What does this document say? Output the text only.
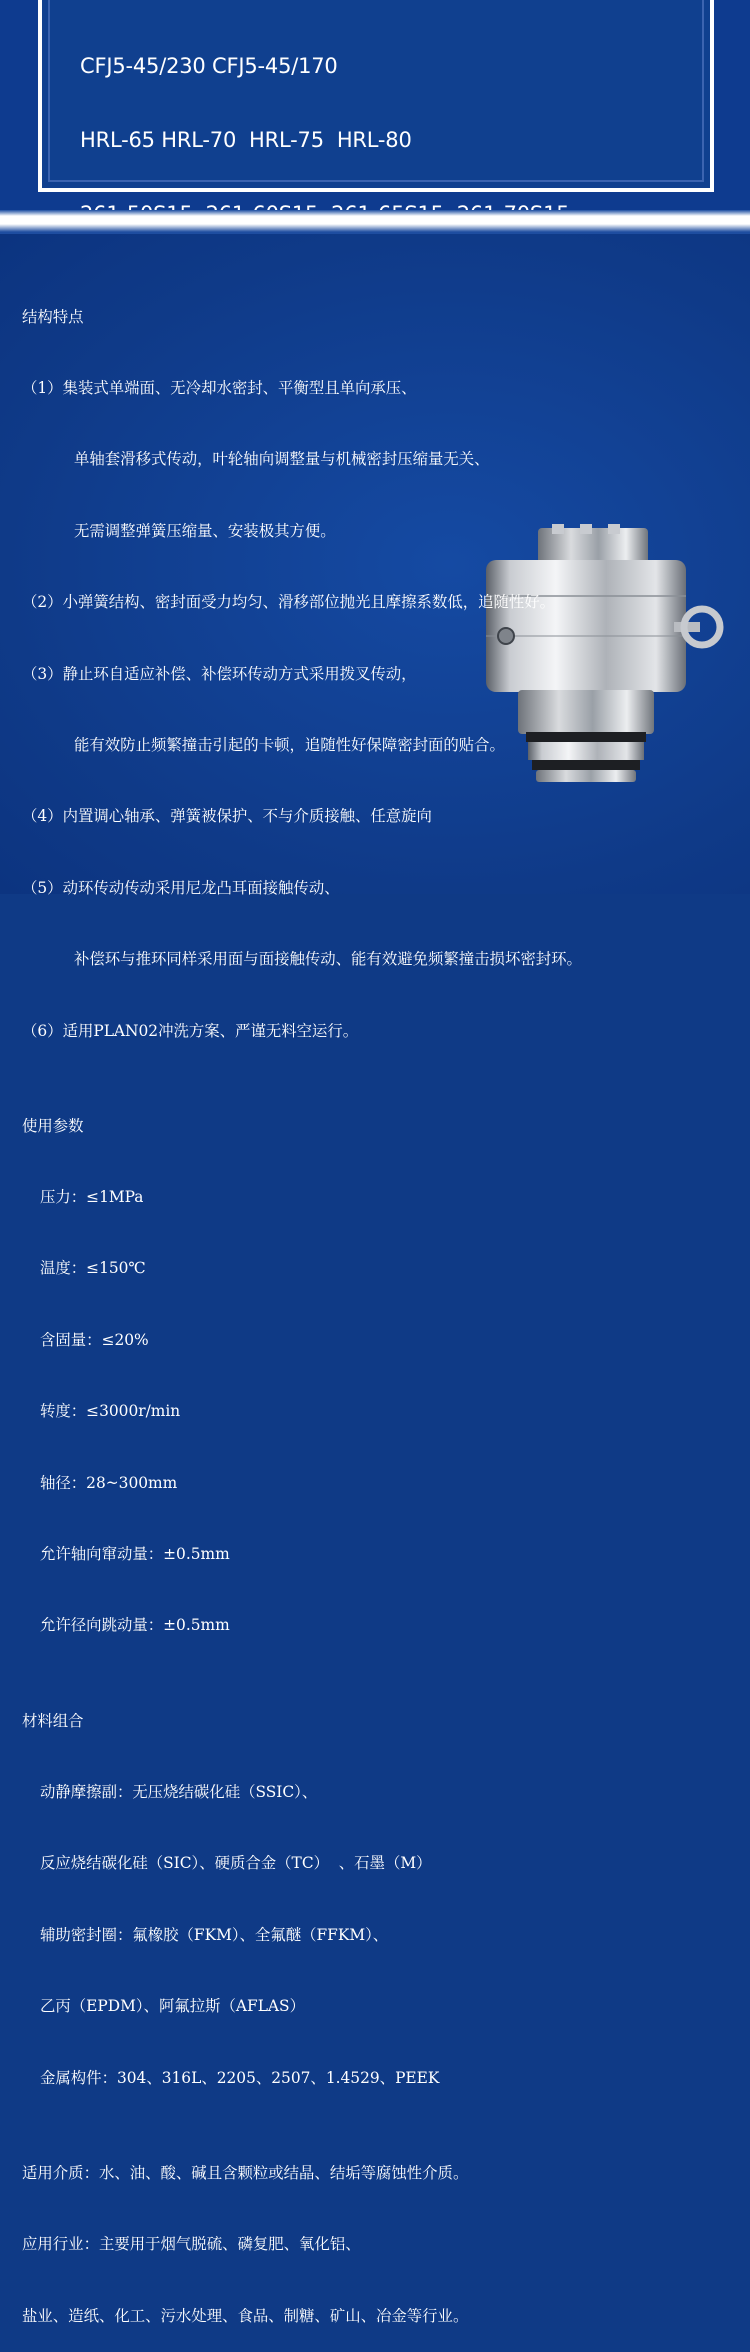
CFJ5-45/230 CFJ5-45/170

HRL-65 HRL-70  HRL-75  HRL-80

结构特点

（1）集装式单端面、无冷却水密封、平衡型且单向承压、

单轴套滑移式传动，叶轮轴向调整量与机械密封压缩量无关、

无需调整弹簧压缩量、安装极其方便。

（2）小弹簧结构、密封面受力均匀、滑移部位抛光且摩擦系数低，追随性好。

（3）静止环自适应补偿、补偿环传动方式采用拨叉传动，

能有效防止频繁撞击引起的卡顿，追随性好保障密封面的贴合。

（4）内置调心轴承、弹簧被保护、不与介质接触、任意旋向

（5）动环传动传动采用尼龙凸耳面接触传动、

补偿环与推环同样采用面与面接触传动、能有效避免频繁撞击损坏密封环。

（6）适用PLAN02冲洗方案、严谨无料空运行。

使用参数

压力：≤1MPa

温度：≤150℃

含固量：≤20%

转度：≤3000r/min

轴径：28~300mm

允许轴向窜动量：±0.5mm

允许径向跳动量：±0.5mm

材料组合

动静摩擦副：无压烧结碳化硅（SSIC）、

反应烧结碳化硅（SIC）、硬质合金（TC）  、石墨（M）

辅助密封圈：氟橡胶（FKM）、全氟醚（FFKM）、

乙丙（EPDM）、阿氟拉斯（AFLAS）

金属构件：304、316L、2205、2507、1.4529、PEEK

适用介质：水、油、酸、碱且含颗粒或结晶、结垢等腐蚀性介质。

应用行业：主要用于烟气脱硫、磷复肥、氧化铝、

盐业、造纸、化工、污水处理、食品、制糖、矿山、冶金等行业。
